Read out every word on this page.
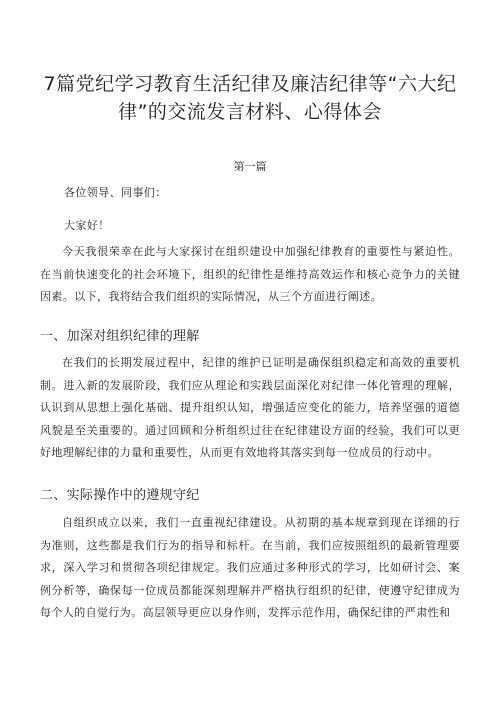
7篇党纪学习教育生活纪律及廉洁纪律等“六大纪
律”的交流发言材料、心得体会
第一篇
各位领导、同事们：
大家好！
今天我很荣幸在此与大家探讨在组织建设中加强纪律教育的重要性与紧迫性。在当前快速变化的社会环境下，组织的纪律性是维持高效运作和核心竞争力的关键因素。以下，我将结合我们组织的实际情况，从三个方面进行阐述。
一、加深对组织纪律的理解
在我们的长期发展过程中，纪律的维护已证明是确保组织稳定和高效的重要机制。进入新的发展阶段，我们应从理论和实践层面深化对纪律一体化管理的理解，认识到从思想上强化基础、提升组织认知，增强适应变化的能力，培养坚强的道德风貌是至关重要的。通过回顾和分析组织过往在纪律建设方面的经验，我们可以更好地理解纪律的力量和重要性，从而更有效地将其落实到每一位成员的行动中。
二、实际操作中的遵规守纪
自组织成立以来，我们一直重视纪律建设。从初期的基本规章到现在详细的行为准则，这些都是我们行为的指导和标杆。在当前，我们应按照组织的最新管理要求，深入学习和贯彻各项纪律规定。我们应通过多种形式的学习，比如研讨会、案例分析等，确保每一位成员都能深刻理解并严格执行组织的纪律，使遵守纪律成为每个人的自觉行为。高层领导更应以身作则，发挥示范作用，确保纪律的严肃性和
